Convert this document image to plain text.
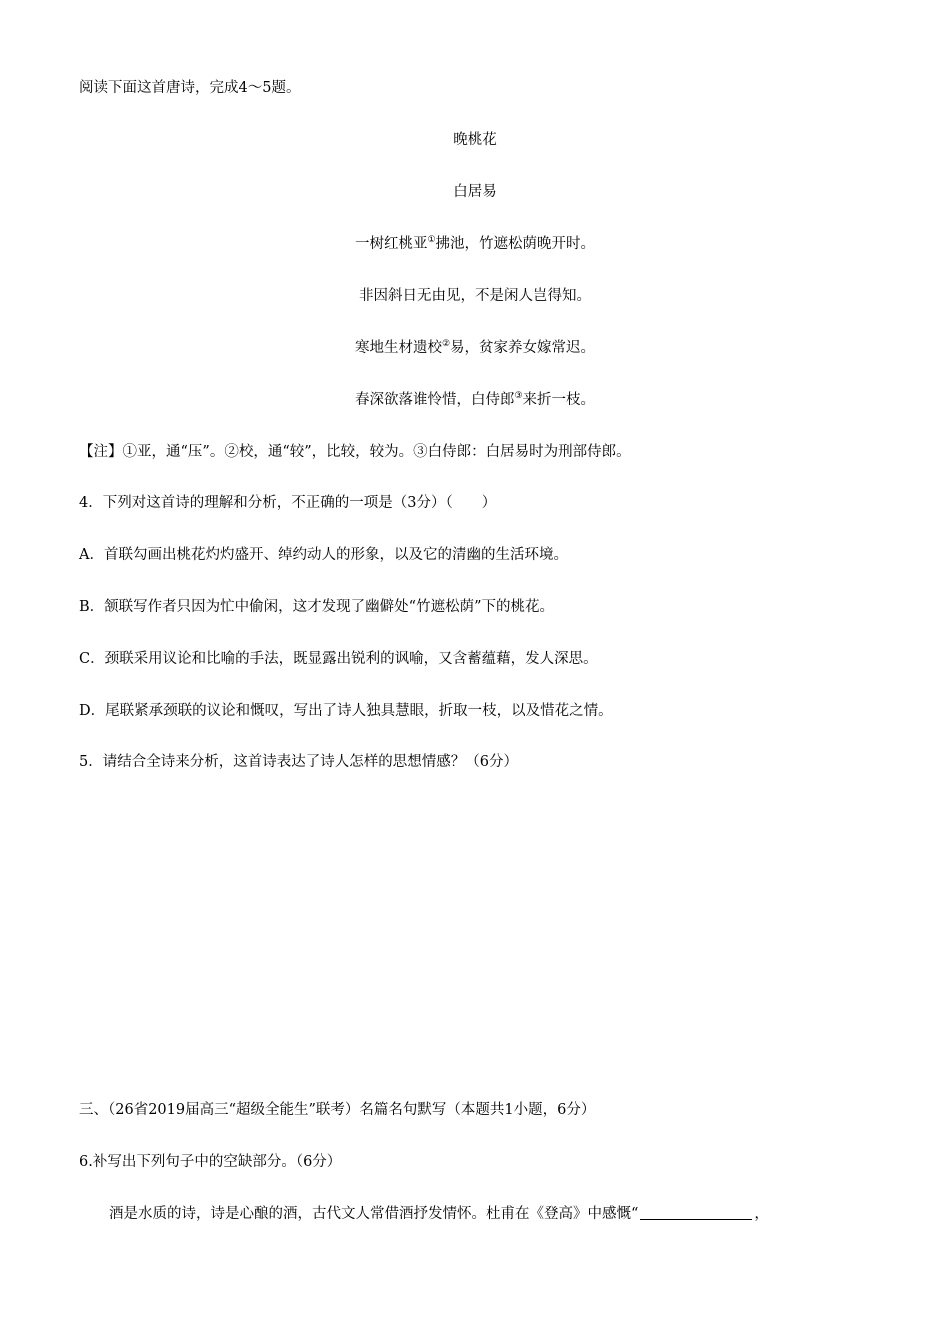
阅读下面这首唐诗，完成4～5题。
晚桃花
白居易
一树红桃亚①拂池，竹遮松荫晚开时。
非因斜日无由见，不是闲人岂得知。
寒地生材遗校②易，贫家养女嫁常迟。
春深欲落谁怜惜，白侍郎③来折一枝。
【注】①亚，通“压”。②校，通“较”，比较，较为。③白侍郎：白居易时为刑部侍郎。
4．下列对这首诗的理解和分析，不正确的一项是（3分）（　　）
A．首联勾画出桃花灼灼盛开、绰约动人的形象，以及它的清幽的生活环境。
B．颔联写作者只因为忙中偷闲，这才发现了幽僻处“竹遮松荫”下的桃花。
C．颈联采用议论和比喻的手法，既显露出锐利的讽喻，又含蓄蕴藉，发人深思。
D．尾联紧承颈联的议论和慨叹，写出了诗人独具慧眼，折取一枝，以及惜花之情。
5．请结合全诗来分析，这首诗表达了诗人怎样的思想情感？（6分）
三、（26省2019届高三“超级全能生”联考）名篇名句默写（本题共1小题，6分）
6.补写出下列句子中的空缺部分。（6分）
酒是水质的诗，诗是心酿的酒，古代文人常借酒抒发情怀。杜甫在《登高》中感慨“	，
